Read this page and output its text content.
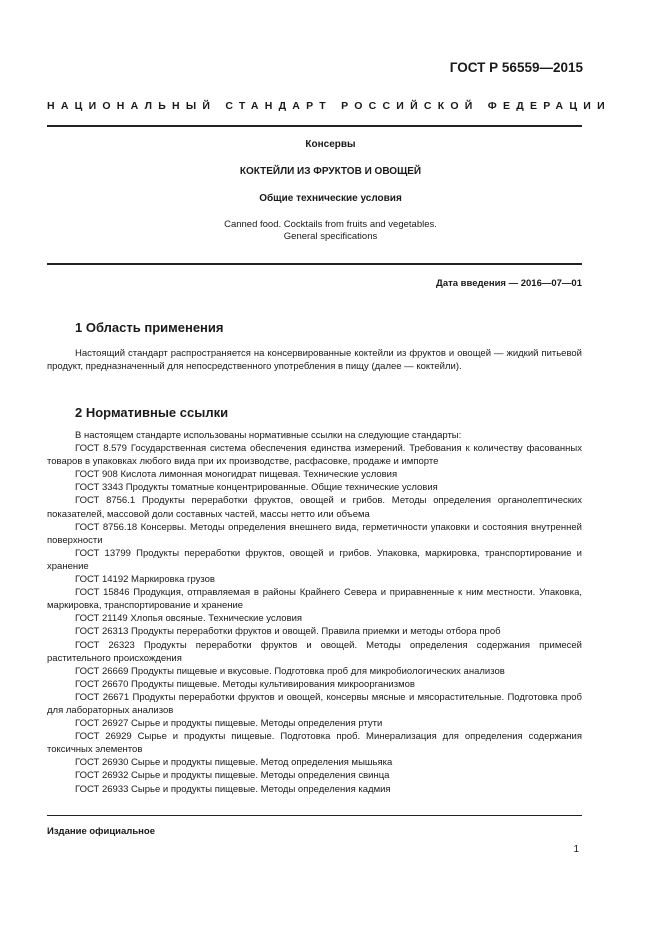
ГОСТ Р 56559—2015
НАЦИОНАЛЬНЫЙ СТАНДАРТ РОССИЙСКОЙ ФЕДЕРАЦИИ
Консервы
КОКТЕЙЛИ ИЗ ФРУКТОВ И ОВОЩЕЙ
Общие технические условия
Canned food. Cocktails from fruits and vegetables.
General specifications
Дата введения — 2016—07—01
1 Область применения
Настоящий стандарт распространяется на консервированные коктейли из фруктов и овощей — жидкий питьевой продукт, предназначенный для непосредственного употребления в пищу (далее — коктейли).
2 Нормативные ссылки
В настоящем стандарте использованы нормативные ссылки на следующие стандарты:
ГОСТ 8.579 Государственная система обеспечения единства измерений. Требования к количеству фасованных товаров в упаковках любого вида при их производстве, расфасовке, продаже и импорте
ГОСТ 908 Кислота лимонная моногидрат пищевая. Технические условия
ГОСТ 3343 Продукты томатные концентрированные. Общие технические условия
ГОСТ 8756.1 Продукты переработки фруктов, овощей и грибов. Методы определения органолептических показателей, массовой доли составных частей, массы нетто или объема
ГОСТ 8756.18 Консервы. Методы определения внешнего вида, герметичности упаковки и состояния внутренней поверхности
ГОСТ 13799 Продукты переработки фруктов, овощей и грибов. Упаковка, маркировка, транспортирование и хранение
ГОСТ 14192 Маркировка грузов
ГОСТ 15846 Продукция, отправляемая в районы Крайнего Севера и приравненные к ним местности. Упаковка, маркировка, транспортирование и хранение
ГОСТ 21149 Хлопья овсяные. Технические условия
ГОСТ 26313 Продукты переработки фруктов и овощей. Правила приемки и методы отбора проб
ГОСТ 26323 Продукты переработки фруктов и овощей. Методы определения содержания примесей растительного происхождения
ГОСТ 26669 Продукты пищевые и вкусовые. Подготовка проб для микробиологических анализов
ГОСТ 26670 Продукты пищевые. Методы культивирования микроорганизмов
ГОСТ 26671 Продукты переработки фруктов и овощей, консервы мясные и мясорастительные. Подготовка проб для лабораторных анализов
ГОСТ 26927 Сырье и продукты пищевые. Методы определения ртути
ГОСТ 26929 Сырье и продукты пищевые. Подготовка проб. Минерализация для определения содержания токсичных элементов
ГОСТ 26930 Сырье и продукты пищевые. Метод определения мышьяка
ГОСТ 26932 Сырье и продукты пищевые. Методы определения свинца
ГОСТ 26933 Сырье и продукты пищевые. Методы определения кадмия
Издание официальное
1
